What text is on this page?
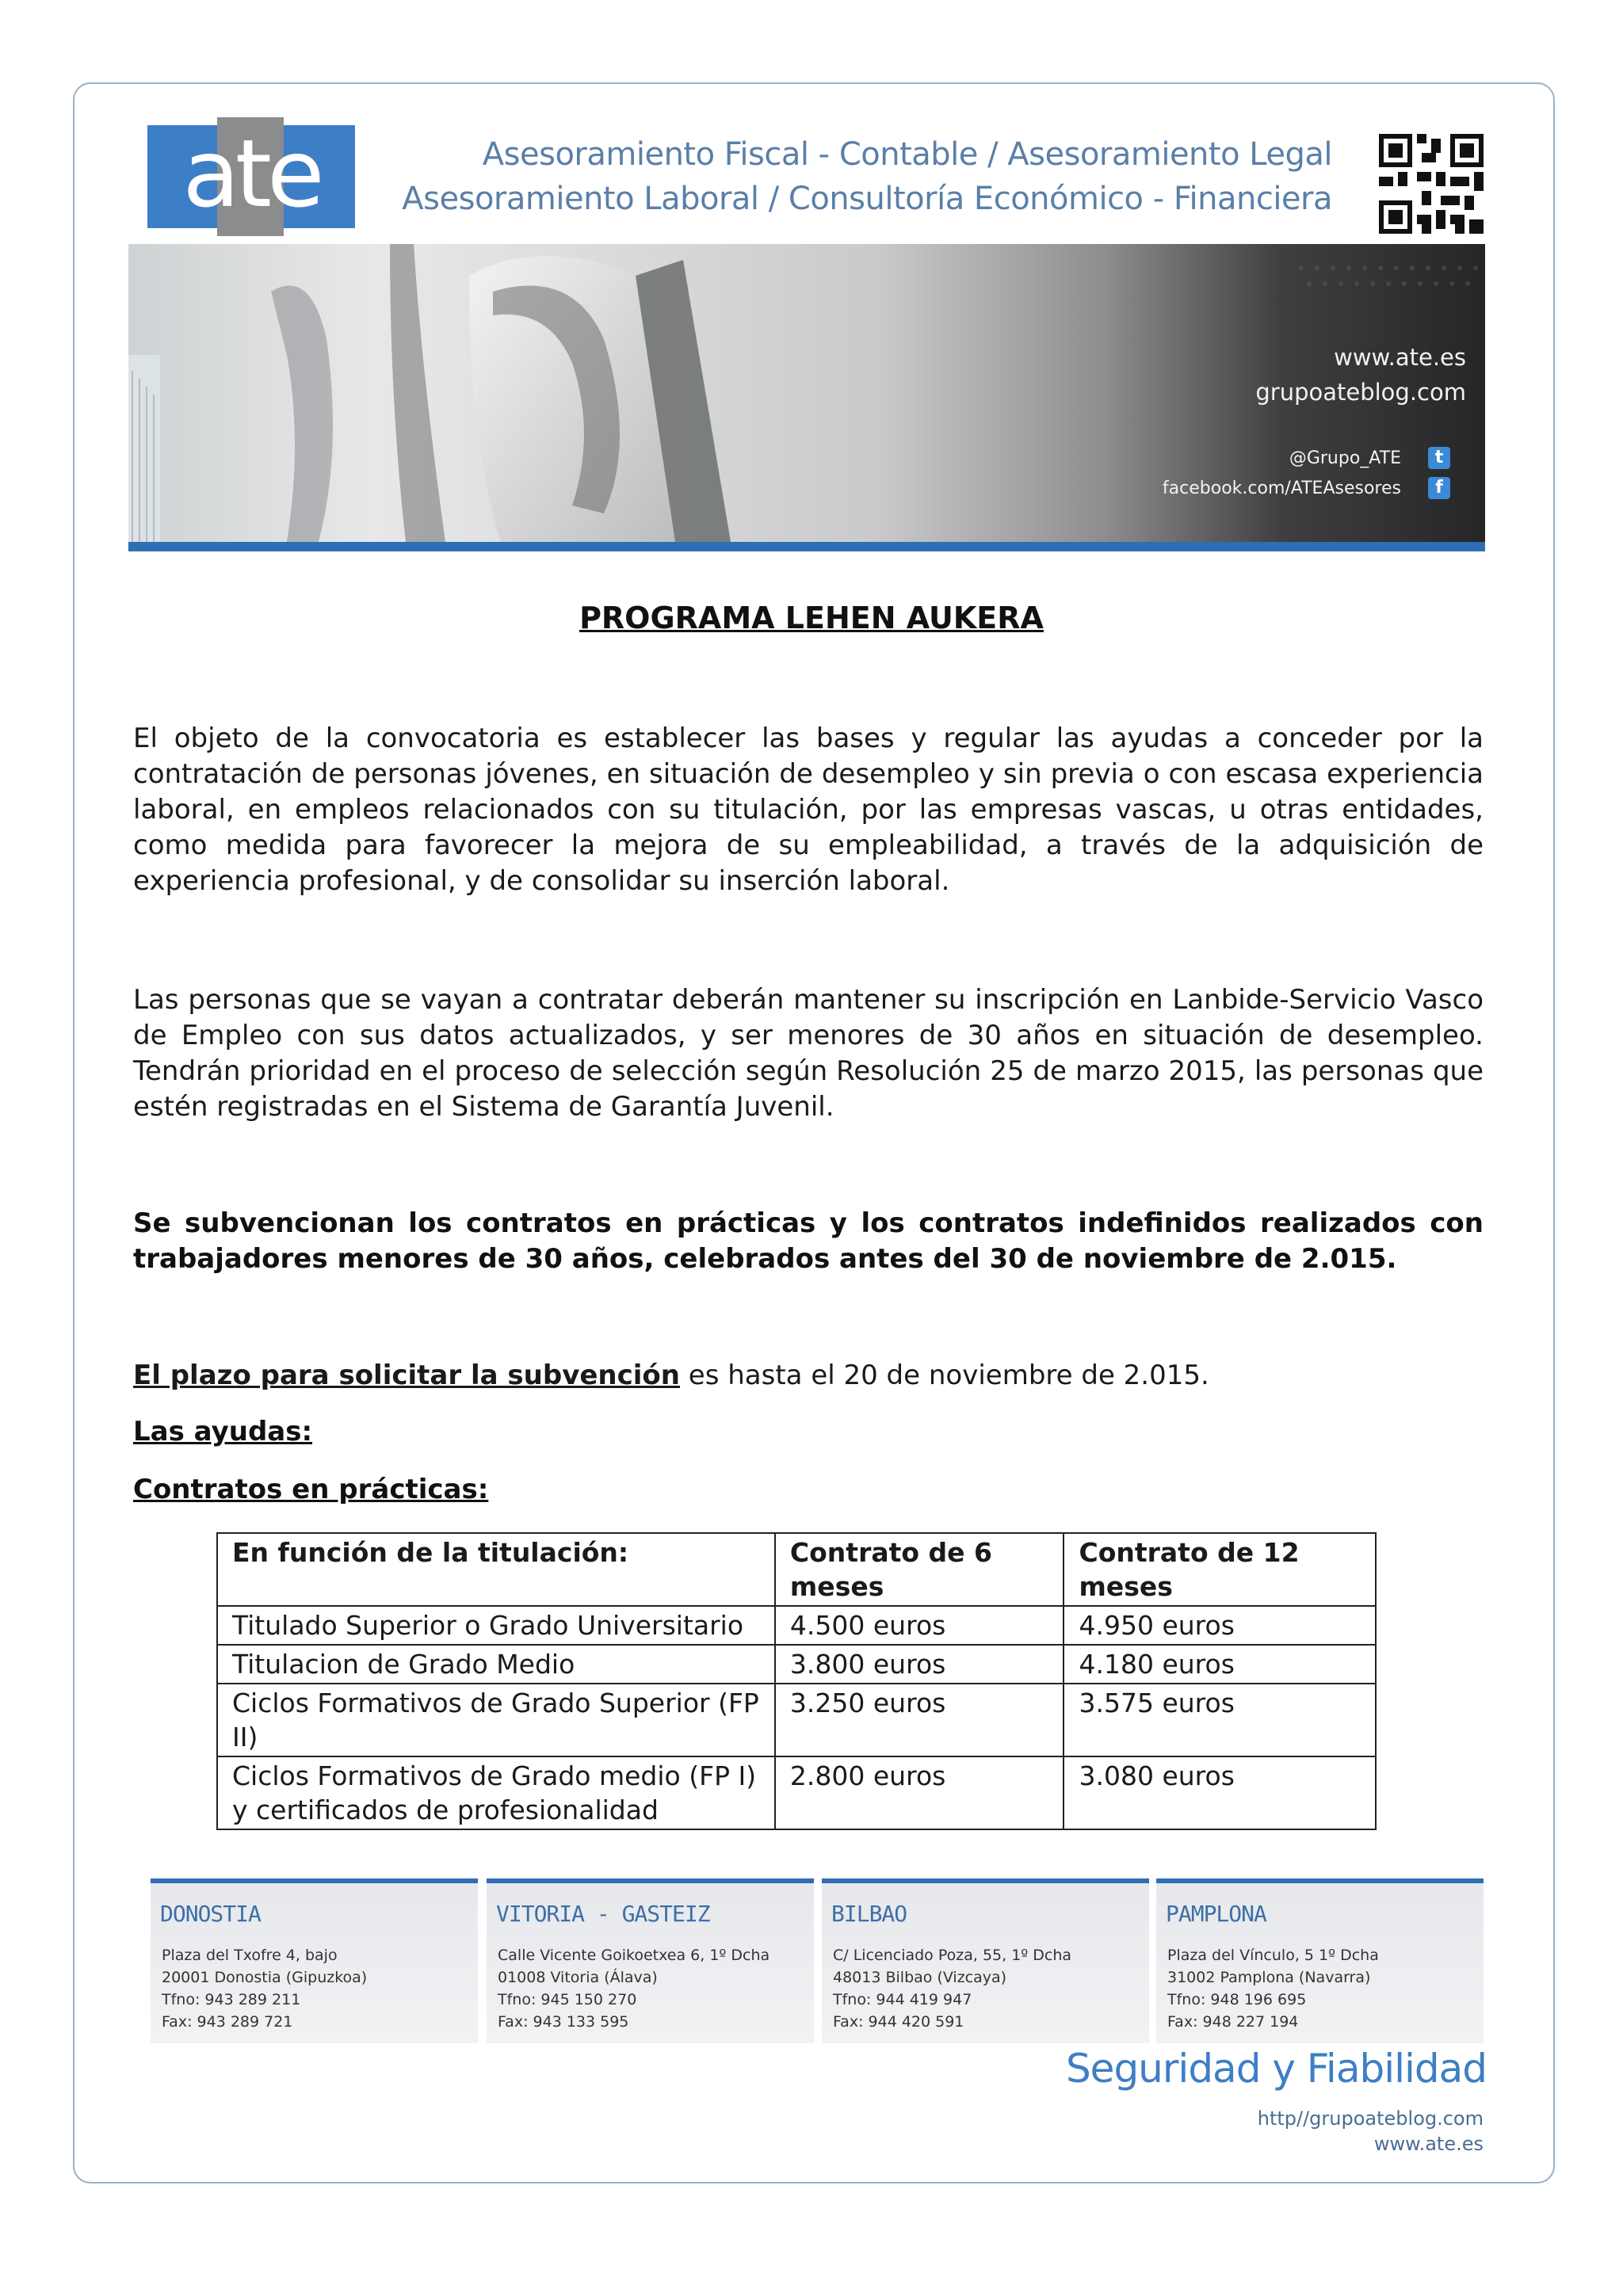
ate	Asesoramiento Fiscal - Contable / Asesoramiento Legal
Asesoramiento Laboral / Consultoría Económico - Financiera
www.ate.es
grupoateblog.com
@Grupo_ATE
facebook.com/ATEAsesores
t
f
PROGRAMA LEHEN AUKERA
El objeto de la convocatoria es establecer las bases y regular las ayudas a conceder por la contratación de personas jóvenes, en situación de desempleo y sin previa o con escasa experiencia laboral, en empleos relacionados con su titulación, por las empresas vascas, u otras entidades, como medida para favorecer la mejora de su empleabilidad, a través de la adquisición de experiencia profesional, y de consolidar su inserción laboral.
Las personas que se vayan a contratar deberán mantener su inscripción en Lanbide-Servicio Vasco de Empleo con sus datos actualizados, y ser menores de 30 años en situación de desempleo. Tendrán prioridad en el proceso de selección según Resolución 25 de marzo 2015, las personas que estén registradas en el Sistema de Garantía Juvenil.
Se subvencionan los contratos en prácticas y los contratos indefinidos realizados con trabajadores menores de 30 años, celebrados antes del 30 de noviembre de 2.015.
El plazo para solicitar la subvención es hasta el 20 de noviembre de 2.015.
Las ayudas:
Contratos en prácticas:
En función de la titulación:	Contrato de 6 meses	Contrato de 12 meses
Titulado Superior o Grado Universitario	4.500 euros	4.950 euros
Titulacion de Grado Medio	3.800 euros	4.180 euros
Ciclos Formativos de Grado Superior (FP II)	3.250 euros	3.575 euros
Ciclos Formativos de Grado medio (FP I) y certificados de profesionalidad	2.800 euros	3.080 euros
DONOSTIA
Plaza del Txofre 4, bajo
20001 Donostia (Gipuzkoa)
Tfno: 943 289 211
Fax: 943 289 721
VITORIA - GASTEIZ
Calle Vicente Goikoetxea 6, 1º Dcha
01008 Vitoria (Álava)
Tfno: 945 150 270
Fax: 943 133 595
BILBAO
C/ Licenciado Poza, 55, 1º Dcha
48013 Bilbao (Vizcaya)
Tfno: 944 419 947
Fax: 944 420 591
PAMPLONA
Plaza del Vínculo, 5 1º Dcha
31002 Pamplona (Navarra)
Tfno: 948 196 695
Fax: 948 227 194
Seguridad y Fiabilidad
http//grupoateblog.com
www.ate.es
